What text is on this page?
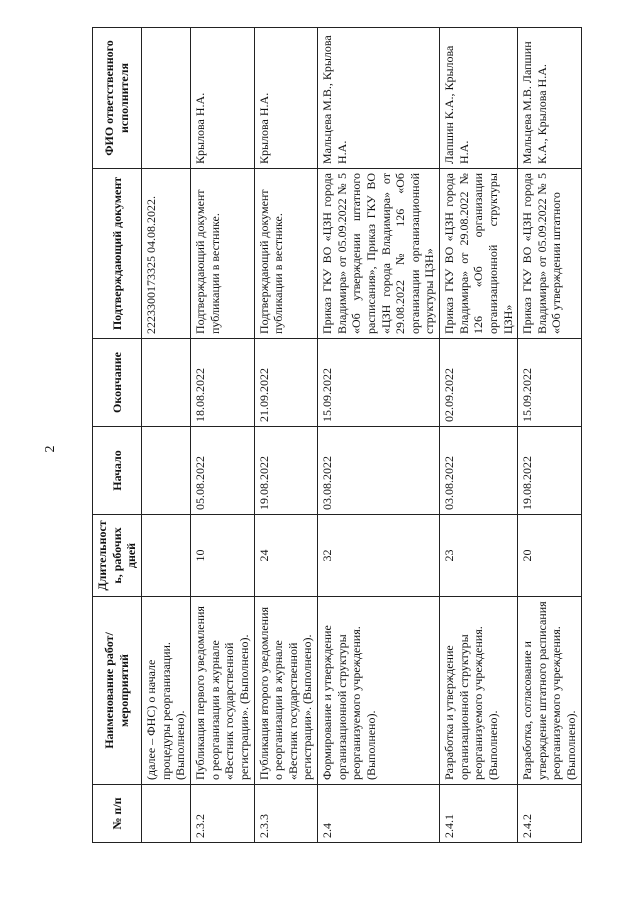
2
№ п/п	Наименование работ/мероприятий	Длительность, рабочих дней	Начало	Окончание	Подтверждающий документ	ФИО ответственного исполнителя
	(далее – ФНС) о начале процедуры реорганизации. (Выполнено).				2223300173325 04.08.2022.	
2.3.2	Публикация первого уведомления о реорганизации в журнале «Вестник государственной регистрации». (Выполнено).	10	05.08.2022	18.08.2022	Подтверждающий документ публикации в вестнике.	Крылова Н.А.
2.3.3	Публикация второго уведомления о реорганизации в журнале «Вестник государственной регистрации». (Выполнено).	24	19.08.2022	21.09.2022	Подтверждающий документ публикации в вестнике.	Крылова Н.А.
2.4	Формирование и утверждение организационной структуры реорганизуемого учреждения. (Выполнено).	32	03.08.2022	15.09.2022	Приказ ГКУ ВО «ЦЗН города Владимира» от 05.09.2022 № 5 «Об утверждении штатного расписания», Приказ ГКУ ВО «ЦЗН города Владимира» от 29.08.2022 № 126 «Об организации организационной структуры ЦЗН»	Мальцева М.В., Крылова Н.А.
2.4.1	Разработка и утверждение организационной структуры реорганизуемого учреждения. (Выполнено).	23	03.08.2022	02.09.2022	Приказ ГКУ ВО «ЦЗН города Владимира» от 29.08.2022 № 126 «Об организации организационной структуры ЦЗН»	Лапшин К.А., Крылова Н.А.
2.4.2	Разработка, согласование и утверждение штатного расписания реорганизуемого учреждения. (Выполнено).	20	19.08.2022	15.09.2022	Приказ ГКУ ВО «ЦЗН города Владимира» от 05.09.2022 № 5 «Об утверждении штатного	Мальцева М.В. Лапшин К.А., Крылова Н.А.
